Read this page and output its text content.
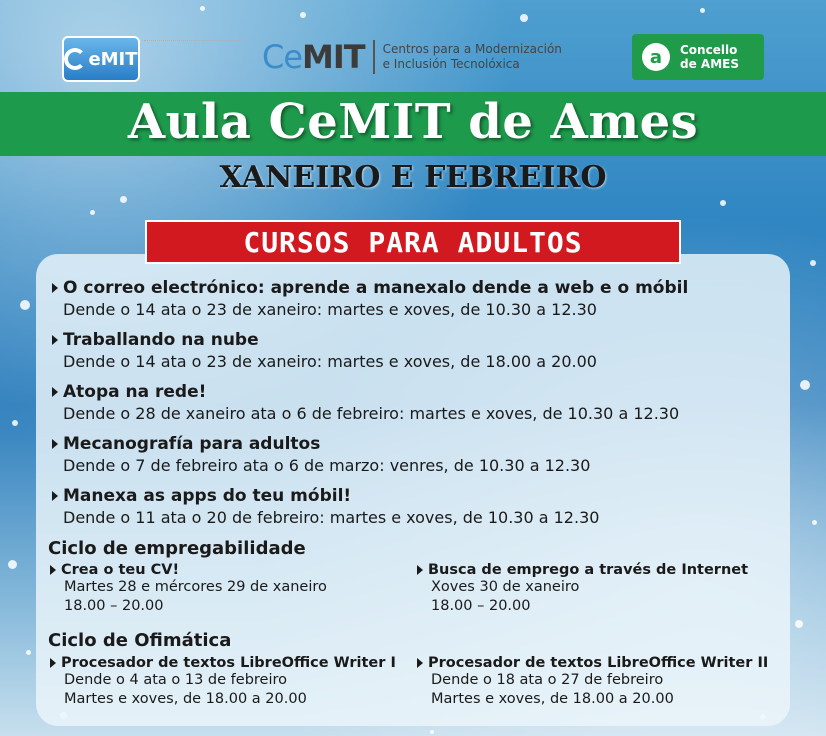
eMIT	CeMIT Centros para a Modernización
e Inclusión Tecnolóxica	a	Concello
de AMES
Aula CeMIT de Ames
XANEIRO E FEBREIRO
CURSOS PARA ADULTOS
O correo electrónico: aprende a manexalo dende a web e o móbil
Dende o 14 ata o 23 de xaneiro: martes e xoves, de 10.30 a 12.30
Traballando na nube
Dende o 14 ata o 23 de xaneiro: martes e xoves, de 18.00 a 20.00
Atopa na rede!
Dende o 28 de xaneiro ata o 6 de febreiro: martes e xoves, de 10.30 a 12.30
Mecanografía para adultos
Dende o 7 de febreiro ata o 6 de marzo: venres, de 10.30 a 12.30
Manexa as apps do teu móbil!
Dende o 11 ata o 20 de febreiro: martes e xoves, de 10.30 a 12.30
Ciclo de empregabilidade
Crea o teu CV!
Martes 28 e mércores 29 de xaneiro
18.00 – 20.00
Busca de emprego a través de Internet
Xoves 30 de xaneiro
18.00 – 20.00
Ciclo de Ofimática
Procesador de textos LibreOffice Writer I
Dende o 4 ata o 13 de febreiro
Martes e xoves, de 18.00 a 20.00
Procesador de textos LibreOffice Writer II
Dende o 18 ata o 27 de febreiro
Martes e xoves, de 18.00 a 20.00
